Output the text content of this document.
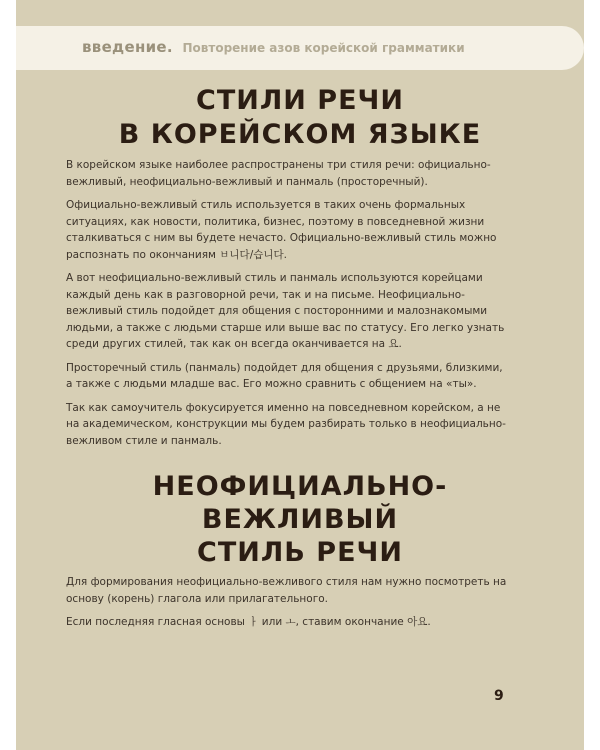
введение. Повторение азов корейской грамматики
СТИЛИ РЕЧИ
В КОРЕЙСКОМ ЯЗЫКЕ

В корейском языке наиболее распространены три стиля речи: официально-вежливый, неофициально-вежливый и панмаль (просторечный).

Официально-вежливый стиль используется в таких очень формальных ситуациях, как новости, политика, бизнес, поэтому в повседневной жизни сталкиваться с ним вы будете нечасто. Официально-вежливый стиль можно распознать по окончаниям ㅂ니다/습니다.

А вот неофициально-вежливый стиль и панмаль используются корейцами каждый день как в разговорной речи, так и на письме. Неофициально-вежливый стиль подойдет для общения с посторонними и малознакомыми людьми, а также с людьми старше или выше вас по статусу. Его легко узнать среди других стилей, так как он всегда оканчивается на 요.

Просторечный стиль (панмаль) подойдет для общения с друзьями, близкими, а также с людьми младше вас. Его можно сравнить с общением на «ты».

Так как самоучитель фокусируется именно на повседневном корейском, а не на академическом, конструкции мы будем разбирать только в неофициально-вежливом стиле и панмаль.

НЕОФИЦИАЛЬНО-
ВЕЖЛИВЫЙ
СТИЛЬ РЕЧИ

Для формирования неофициально-вежливого стиля нам нужно посмотреть на основу (корень) глагола или прилагательного.

Если последняя гласная основы ㅏ или ㅗ, ставим окончание 아요.

9
